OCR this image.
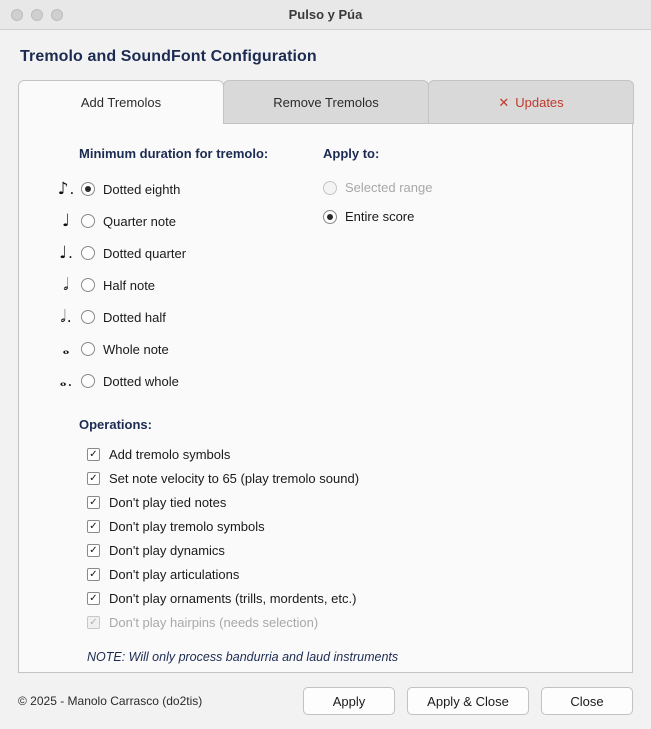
Pulso y Púa
Tremolo and SoundFont Configuration
Add Tremolos	Remove Tremolos	✕ Updates
Minimum duration for tremolo:
♪.	Dotted eighth
♩	Quarter note
♩.	Dotted quarter
𝅗𝅥	Half note
𝅗𝅥.	Dotted half
𝅝	Whole note
𝅝.	Dotted whole
Apply to:
Selected range
Entire score
Operations:
✓ Add tremolo symbols
✓ Set note velocity to 65 (play tremolo sound)
✓ Don't play tied notes
✓ Don't play tremolo symbols
✓ Don't play dynamics
✓ Don't play articulations
✓ Don't play ornaments (trills, mordents, etc.)
✓ Don't play hairpins (needs selection)
NOTE: Will only process bandurria and laud instruments
© 2025 - Manolo Carrasco (do2tis)	Apply	Apply & Close	Close
